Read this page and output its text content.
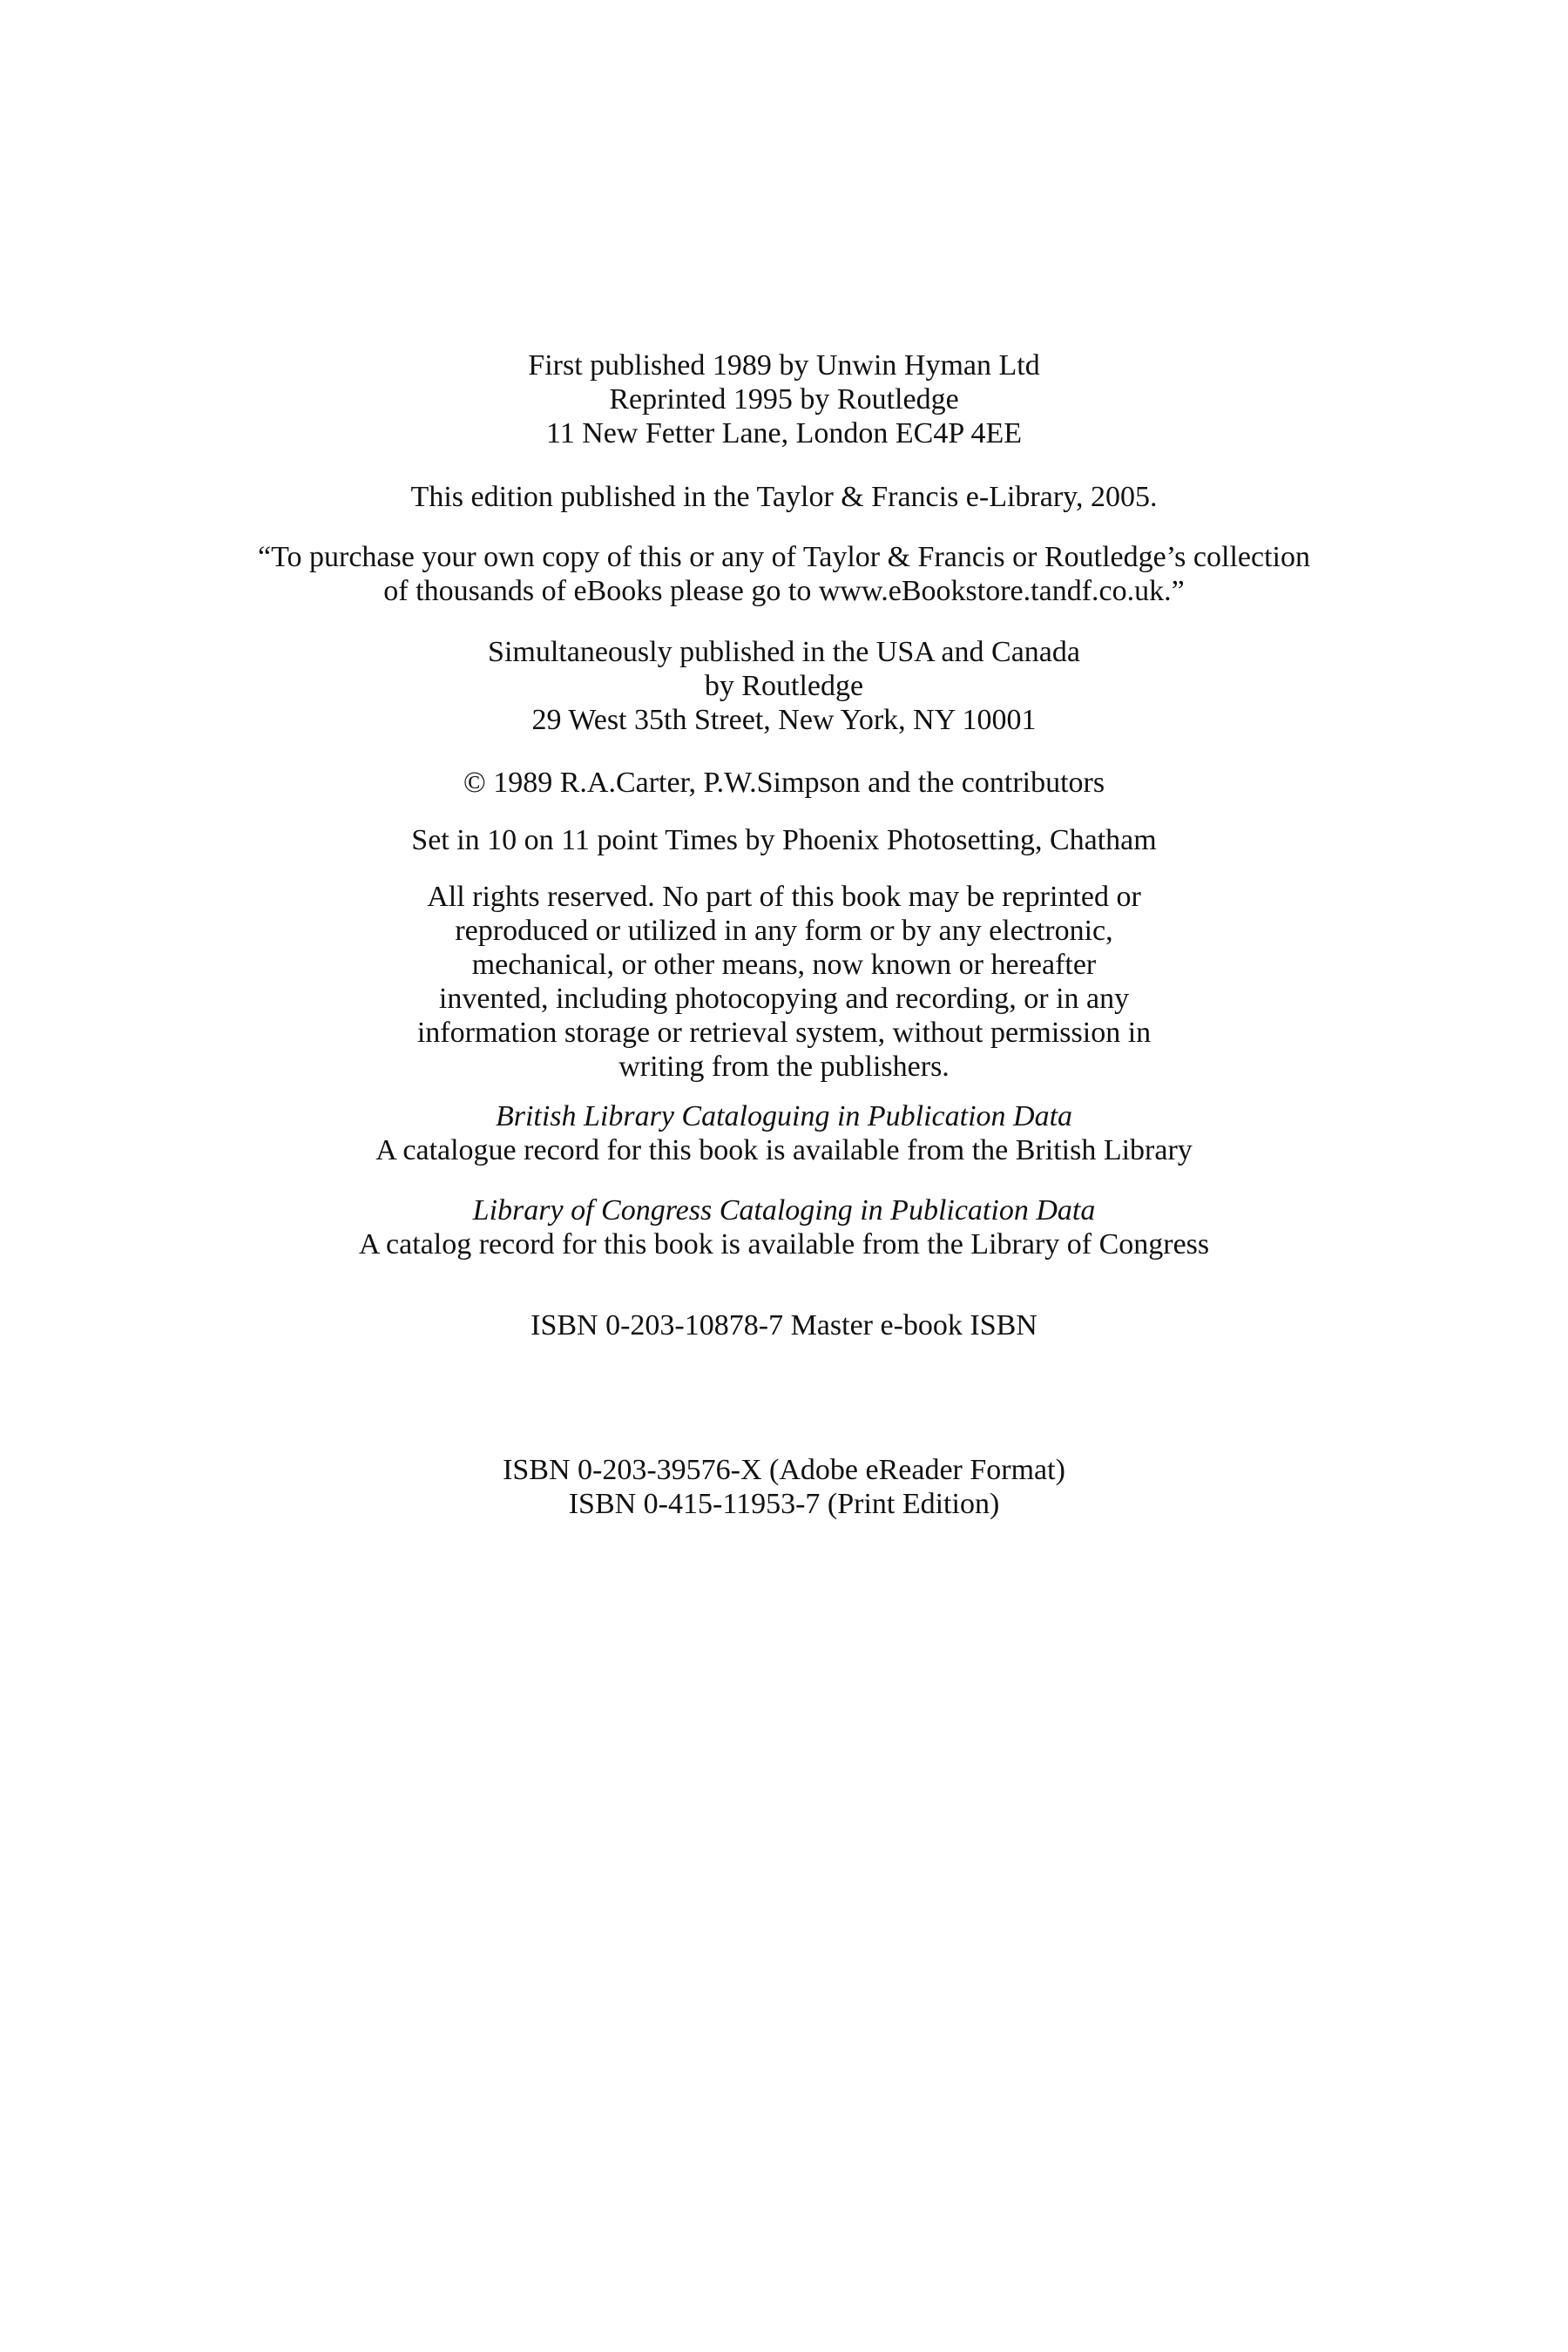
First published 1989 by Unwin Hyman Ltd
Reprinted 1995 by Routledge
11 New Fetter Lane, London EC4P 4EE
This edition published in the Taylor & Francis e-Library, 2005.
“To purchase your own copy of this or any of Taylor & Francis or Routledge’s collection
of thousands of eBooks please go to www.eBookstore.tandf.co.uk.”
Simultaneously published in the USA and Canada
by Routledge
29 West 35th Street, New York, NY 10001
© 1989 R.A.Carter, P.W.Simpson and the contributors
Set in 10 on 11 point Times by Phoenix Photosetting, Chatham
All rights reserved. No part of this book may be reprinted or
reproduced or utilized in any form or by any electronic,
mechanical, or other means, now known or hereafter
invented, including photocopying and recording, or in any
information storage or retrieval system, without permission in
writing from the publishers.
British Library Cataloguing in Publication Data
A catalogue record for this book is available from the British Library
Library of Congress Cataloging in Publication Data
A catalog record for this book is available from the Library of Congress
ISBN 0-203-10878-7 Master e-book ISBN
ISBN 0-203-39576-X (Adobe eReader Format)
ISBN 0-415-11953-7 (Print Edition)
